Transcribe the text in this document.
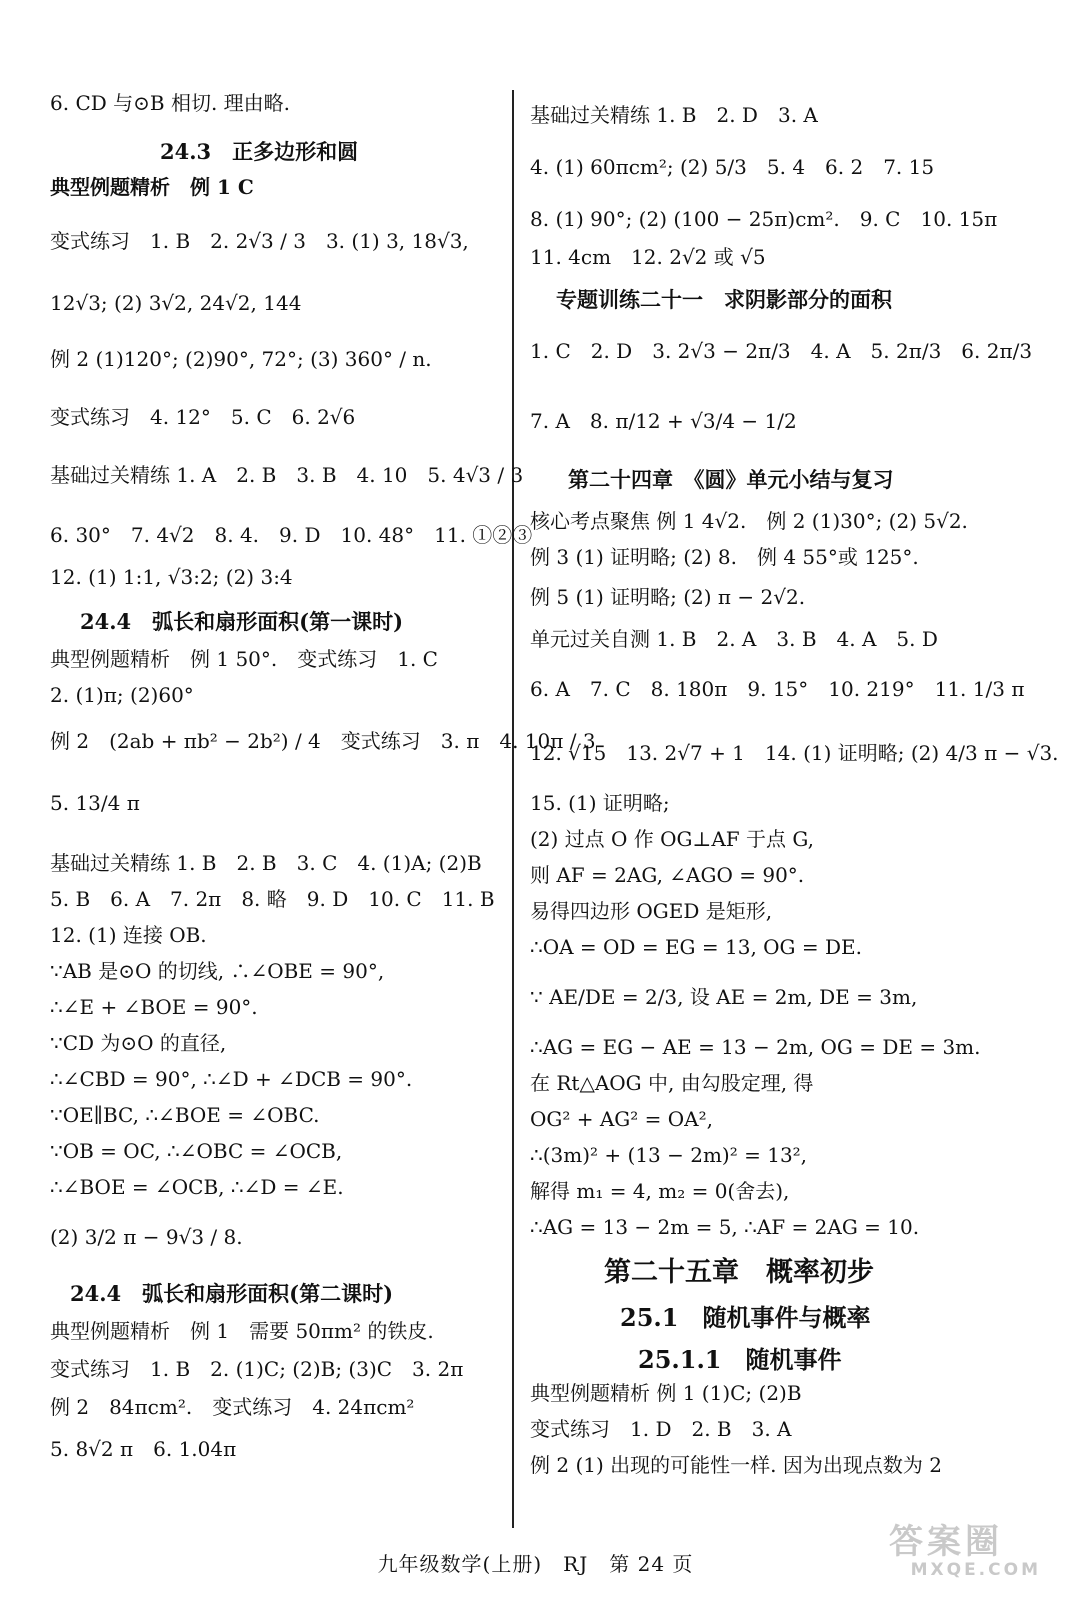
6. CD 与⊙B 相切. 理由略.
24.3　正多边形和圆
典型例题精析　例 1 C
变式练习　1. B　2. 2√3 / 3　3. (1) 3, 18√3,
12√3; (2) 3√2, 24√2, 144
例 2 (1)120°; (2)90°, 72°; (3) 360° / n.
变式练习　4. 12°　5. C　6. 2√6
基础过关精练 1. A　2. B　3. B　4. 10　5. 4√3 / 3
6. 30°　7. 4√2　8. 4.　9. D　10. 48°　11. ①②③
12. (1) 1:1, √3:2; (2) 3:4
24.4　弧长和扇形面积(第一课时)
典型例题精析　例 1 50°.　变式练习　1. C
2. (1)π; (2)60°
例 2　(2ab + πb² − 2b²) / 4　变式练习　3. π　4. 10π / 3
5. 13/4 π
基础过关精练 1. B　2. B　3. C　4. (1)A; (2)B
5. B　6. A　7. 2π　8. 略　9. D　10. C　11. B
12. (1) 连接 OB.
∵AB 是⊙O 的切线, ∴∠OBE = 90°,
∴∠E + ∠BOE = 90°.
∵CD 为⊙O 的直径,
∴∠CBD = 90°, ∴∠D + ∠DCB = 90°.
∵OE∥BC, ∴∠BOE = ∠OBC.
∵OB = OC, ∴∠OBC = ∠OCB,
∴∠BOE = ∠OCB, ∴∠D = ∠E.
(2) 3/2 π − 9√3 / 8.
24.4　弧长和扇形面积(第二课时)
典型例题精析　例 1　需要 50πm² 的铁皮.
变式练习　1. B　2. (1)C; (2)B; (3)C　3. 2π
例 2　84πcm².　变式练习　4. 24πcm²
5. 8√2 π　6. 1.04π
基础过关精练 1. B　2. D　3. A
4. (1) 60πcm²; (2) 5/3　5. 4　6. 2　7. 15
8. (1) 90°; (2) (100 − 25π)cm².　9. C　10. 15π
11. 4cm　12. 2√2 或 √5
专题训练二十一　求阴影部分的面积
1. C　2. D　3. 2√3 − 2π/3　4. A　5. 2π/3　6. 2π/3
7. A　8. π/12 + √3/4 − 1/2
第二十四章　《圆》单元小结与复习
核心考点聚焦 例 1 4√2.　例 2 (1)30°; (2) 5√2.
例 3 (1) 证明略; (2) 8.　例 4 55°或 125°.
例 5 (1) 证明略; (2) π − 2√2.
单元过关自测 1. B　2. A　3. B　4. A　5. D
6. A　7. C　8. 180π　9. 15°　10. 219°　11. 1/3 π
12. √15　13. 2√7 + 1　14. (1) 证明略; (2) 4/3 π − √3.
15. (1) 证明略;
(2) 过点 O 作 OG⊥AF 于点 G,
则 AF = 2AG, ∠AGO = 90°.
易得四边形 OGED 是矩形,
∴OA = OD = EG = 13, OG = DE.
∵ AE/DE = 2/3, 设 AE = 2m, DE = 3m,
∴AG = EG − AE = 13 − 2m, OG = DE = 3m.
在 Rt△AOG 中, 由勾股定理, 得
OG² + AG² = OA²,
∴(3m)² + (13 − 2m)² = 13²,
解得 m₁ = 4, m₂ = 0(舍去),
∴AG = 13 − 2m = 5, ∴AF = 2AG = 10.
第二十五章　概率初步
25.1　随机事件与概率
25.1.1　随机事件
典型例题精析 例 1 (1)C; (2)B
变式练习　1. D　2. B　3. A
例 2 (1) 出现的可能性一样. 因为出现点数为 2
九年级数学(上册)　RJ　第 24 页
答案圈
MXQE.COM
